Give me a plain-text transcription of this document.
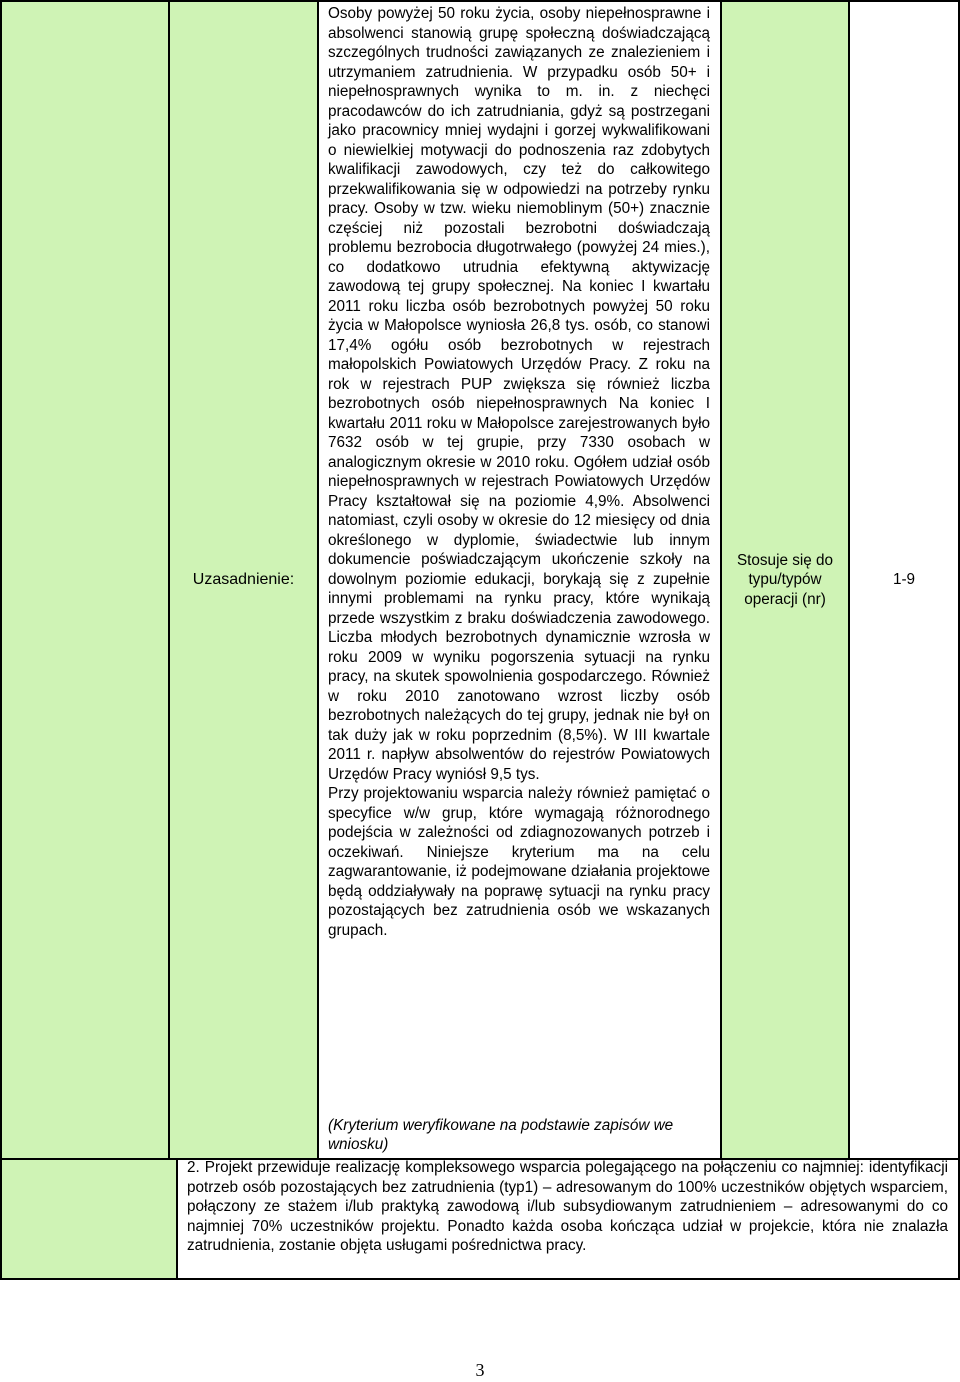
Uzasadnienie:
Stosuje się do typu/typów operacji (nr)
1-9

Osoby powyżej 50 roku życia, osoby niepełnosprawne i absolwenci stanowią grupę społeczną doświadczającą szczególnych trudności zawiązanych ze znalezieniem i utrzymaniem zatrudnienia. W przypadku osób 50+ i niepełnosprawnych wynika to m. in. z niechęci pracodawców do ich zatrudniania, gdyż są postrzegani jako pracownicy mniej wydajni i gorzej wykwalifikowani o niewielkiej motywacji do podnoszenia raz zdobytych kwalifikacji zawodowych, czy też do całkowitego przekwalifikowania się w odpowiedzi na potrzeby rynku pracy. Osoby w tzw. wieku niemoblinym (50+) znacznie częściej niż pozostali bezrobotni doświadczają problemu bezrobocia długotrwałego (powyżej 24 mies.), co dodatkowo utrudnia efektywną aktywizację zawodową tej grupy społecznej. Na koniec I kwartału 2011 roku liczba osób bezrobotnych powyżej 50 roku życia w Małopolsce wyniosła 26,8 tys. osób, co stanowi 17,4% ogółu osób bezrobotnych w rejestrach małopolskich Powiatowych Urzędów Pracy. Z roku na rok w rejestrach PUP zwiększa się również liczba bezrobotnych osób niepełnosprawnych Na koniec I kwartału 2011 roku w Małopolsce zarejestrowanych było 7632 osób w tej grupie, przy 7330 osobach w analogicznym okresie w 2010 roku. Ogółem udział osób niepełnosprawnych w rejestrach Powiatowych Urzędów Pracy kształtował się na poziomie 4,9%. Absolwenci natomiast, czyli osoby w okresie do 12 miesięcy od dnia określonego w dyplomie, świadectwie lub innym dokumencie poświadczającym ukończenie szkoły na dowolnym poziomie edukacji, borykają się z zupełnie innymi problemami na rynku pracy, które wynikają przede wszystkim z braku doświadczenia zawodowego. Liczba młodych bezrobotnych dynamicznie wzrosła w roku 2009 w wyniku pogorszenia sytuacji na rynku pracy, na skutek spowolnienia gospodarczego. Również w roku 2010 zanotowano wzrost liczby osób bezrobotnych należących do tej grupy, jednak nie był on tak duży jak w roku poprzednim (8,5%). W III kwartale 2011 r. napływ absolwentów do rejestrów Powiatowych Urzędów Pracy wyniósł 9,5 tys.

Przy projektowaniu wsparcia należy również pamiętać o specyfice w/w grup, które wymagają różnorodnego podejścia w zależności od zdiagnozowanych potrzeb i oczekiwań. Niniejsze kryterium ma na celu zagwarantowanie, iż podejmowane działania projektowe będą oddziaływały na poprawę sytuacji na rynku pracy pozostających bez zatrudnienia osób we wskazanych grupach.

(Kryterium weryfikowane na podstawie zapisów we wniosku)
2. Projekt przewiduje realizację kompleksowego wsparcia polegającego na połączeniu co najmniej: identyfikacji potrzeb osób pozostających bez zatrudnienia (typ1) – adresowanym do 100% uczestników objętych wsparciem, połączony ze stażem i/lub praktyką zawodową i/lub subsydiowanym zatrudnieniem – adresowanymi do co najmniej 70% uczestników projektu. Ponadto każda osoba kończąca udział w projekcie, która nie znalazła zatrudnienia, zostanie objęta usługami pośrednictwa pracy.
3
